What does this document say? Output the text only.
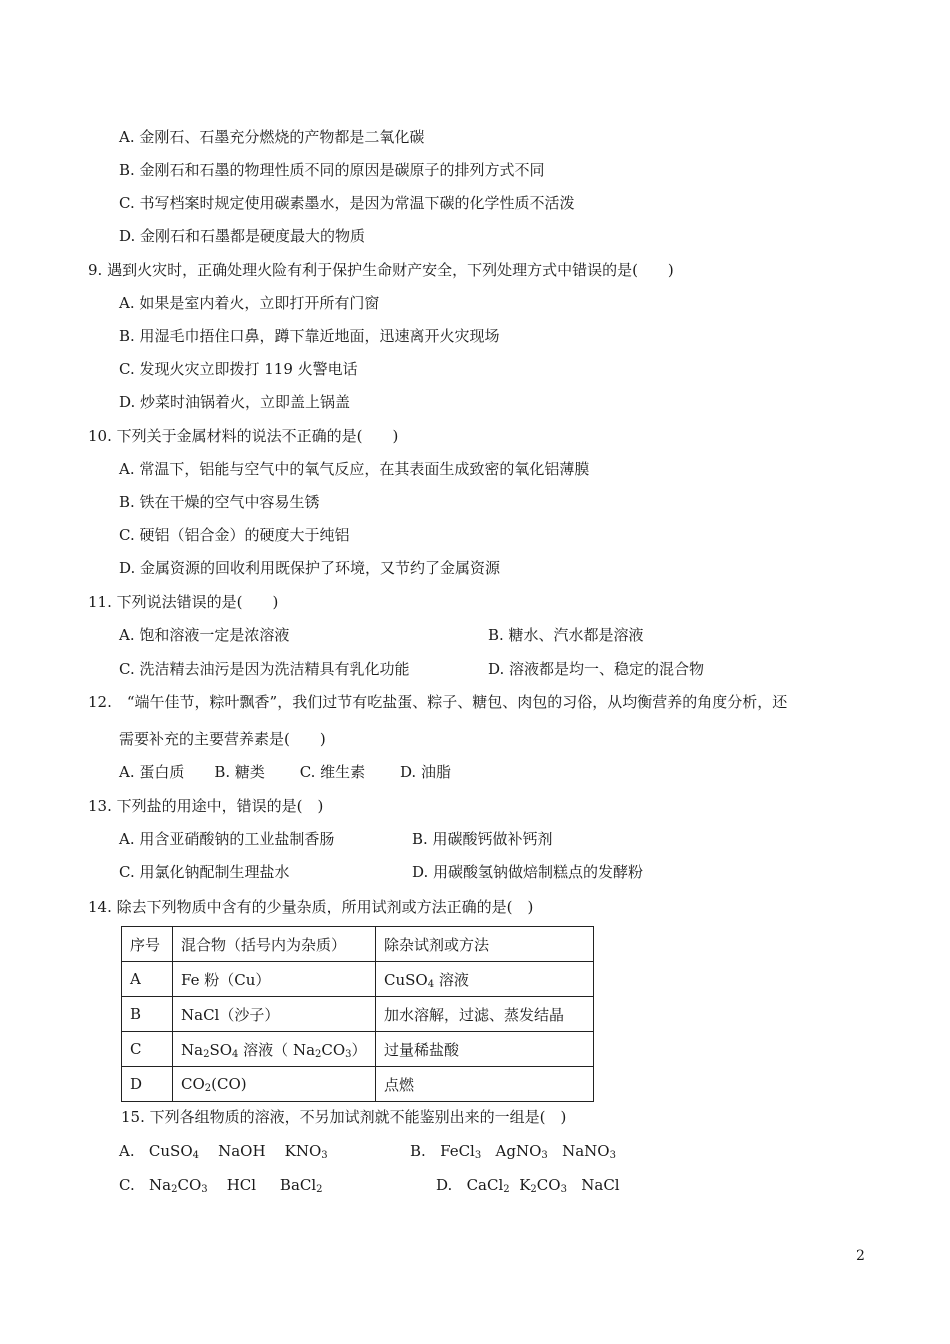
A. 金刚石、石墨充分燃烧的产物都是二氧化碳
B. 金刚石和石墨的物理性质不同的原因是碳原子的排列方式不同
C. 书写档案时规定使用碳素墨水，是因为常温下碳的化学性质不活泼
D. 金刚石和石墨都是硬度最大的物质
9. 遇到火灾时，正确处理火险有利于保护生命财产安全，下列处理方式中错误的是(　　)
A. 如果是室内着火，立即打开所有门窗
B. 用湿毛巾捂住口鼻，蹲下靠近地面，迅速离开火灾现场
C. 发现火灾立即拨打 119 火警电话
D. 炒菜时油锅着火，立即盖上锅盖
10. 下列关于金属材料的说法不正确的是(　　)
A. 常温下，铝能与空气中的氧气反应，在其表面生成致密的氧化铝薄膜
B. 铁在干燥的空气中容易生锈
C. 硬铝（铝合金）的硬度大于纯铝
D. 金属资源的回收利用既保护了环境，又节约了金属资源
11. 下列说法错误的是(　　)
A. 饱和溶液一定是浓溶液	B. 糖水、汽水都是溶液
C. 洗洁精去油污是因为洗洁精具有乳化功能	D. 溶液都是均一、稳定的混合物
12.　“端午佳节，粽叶飘香”，我们过节有吃盐蛋、粽子、糖包、肉包的习俗，从均衡营养的角度分析，还
需要补充的主要营养素是(　　)
A. 蛋白质　　B. 糖类　　 C. 维生素　　 D. 油脂
13. 下列盐的用途中，错误的是(　)
A. 用含亚硝酸钠的工业盐制香肠	B. 用碳酸钙做补钙剂
C. 用氯化钠配制生理盐水	D. 用碳酸氢钠做焙制糕点的发酵粉
14. 除去下列物质中含有的少量杂质，所用试剂或方法正确的是(　)
序号	混合物（括号内为杂质）	除杂试剂或方法
A	Fe 粉（Cu）	CuSO$_4$ 溶液
B	NaCl（沙子）	加水溶解，过滤、蒸发结晶
C	$Na_2SO_4$ 溶液（ $Na_2CO_3$）	过量稀盐酸
D	$CO_2(CO)$	点燃
15. 下列各组物质的溶液，不另加试剂就不能鉴别出来的一组是(　)
A. CuSO$_4$ NaOH $KNO_3$	B. FeCl$_3$ AgNO$_3$ NaNO$_3$
C. $Na_2CO_3$ HCl BaCl$_2$	D. CaCl$_2$ $K_2CO_3$ NaCl
2
